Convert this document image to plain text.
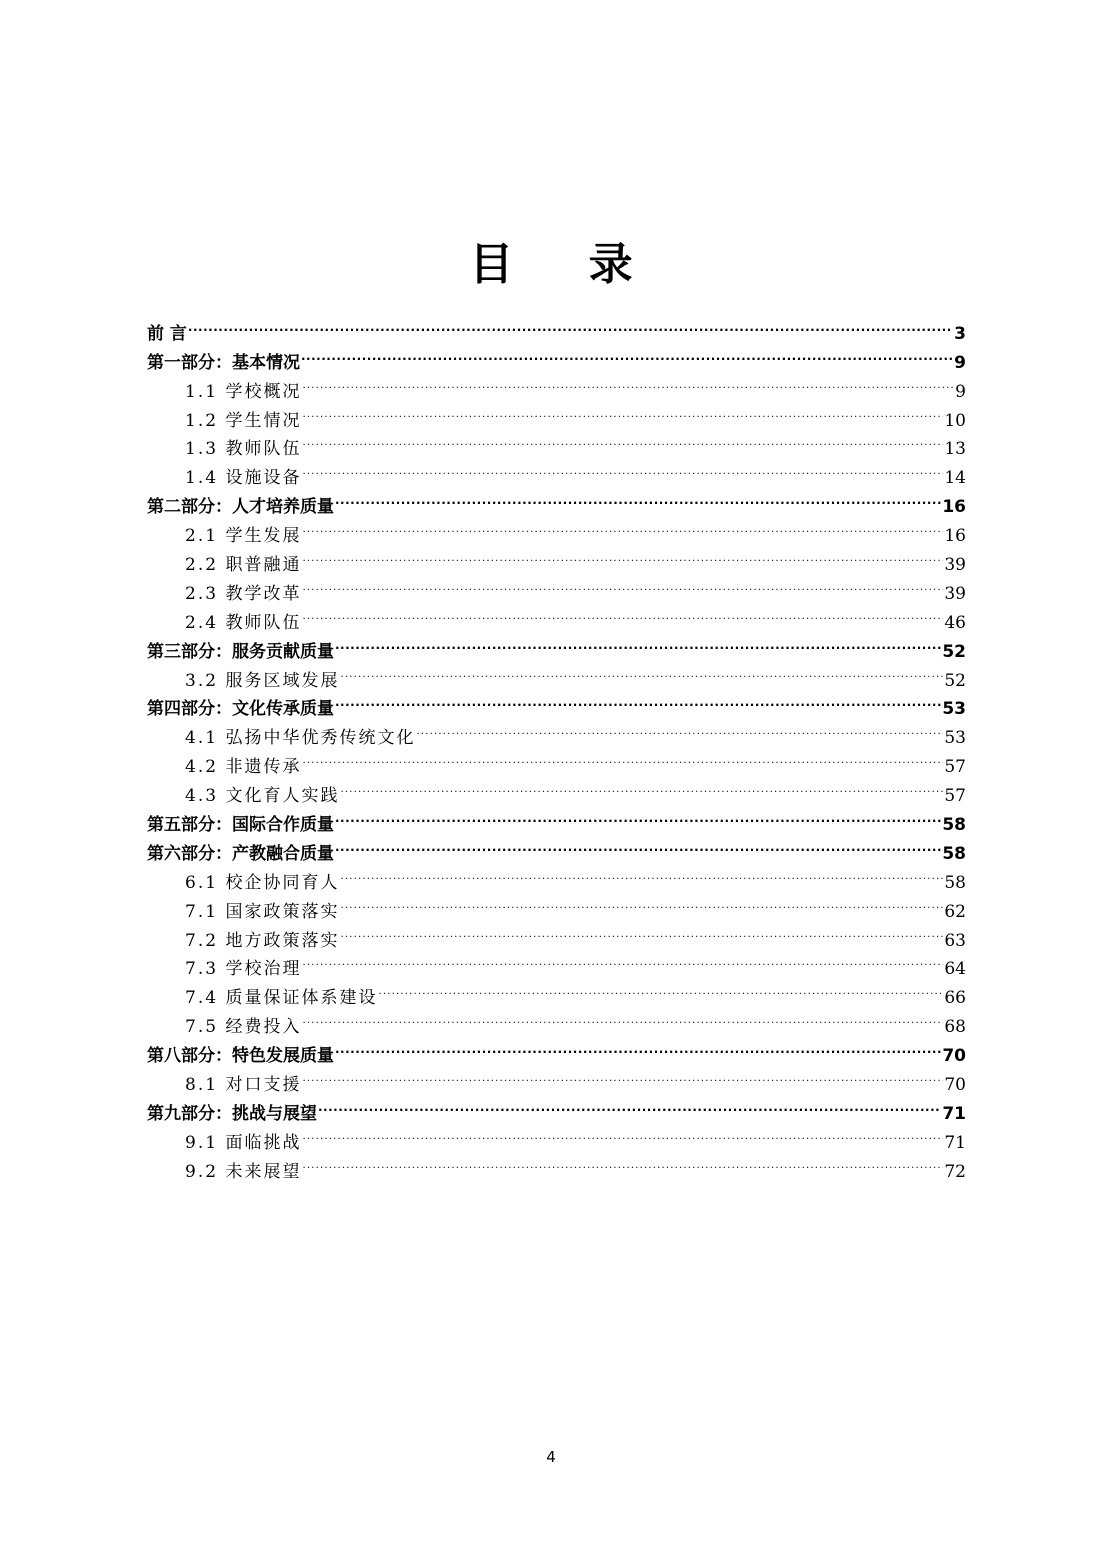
目 录
前 言 .....	3
第一部分：基本情况 .....	9
1.1 学校概况 .....	9
1.2 学生情况 .....	10
1.3 教师队伍 .....	13
1.4 设施设备 .....	14
第二部分：人才培养质量 .....	16
2.1 学生发展 .....	16
2.2 职普融通 .....	39
2.3 教学改革 .....	39
2.4 教师队伍 .....	46
第三部分：服务贡献质量 .....	52
3.2 服务区域发展 .....	52
第四部分：文化传承质量 .....	53
4.1 弘扬中华优秀传统文化 .....	53
4.2 非遗传承 .....	57
4.3 文化育人实践 .....	57
第五部分：国际合作质量 .....	58
第六部分：产教融合质量 .....	58
6.1 校企协同育人 .....	58
7.1 国家政策落实 .....	62
7.2 地方政策落实 .....	63
7.3 学校治理 .....	64
7.4 质量保证体系建设 .....	66
7.5 经费投入 .....	68
第八部分：特色发展质量 .....	70
8.1 对口支援 .....	70
第九部分：挑战与展望 .....	71
9.1 面临挑战 .....	71
9.2 未来展望 .....	72
4
